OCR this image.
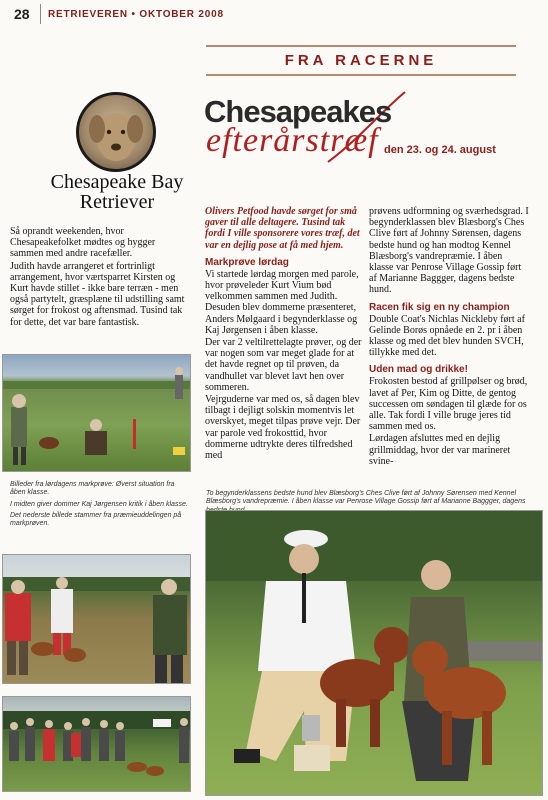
28 RETRIEVEREN • OKTOBER 2008
FRA RACERNE
Chesapeake Bay
Retriever
Chesapeakes
efterårstræf den 23. og 24. august

Så oprandt weekenden, hvor Chesapeakefolket mødtes og hygger sammen med andre racefæller.

Judith havde arrangeret et fortrinligt arrangement, hvor værtsparret Kirsten og Kurt havde stillet - ikke bare terræn - men også partytelt, græsplæne til udstilling samt sørget for frokost og aftensmad. Tusind tak for dette, det var bare fantastisk.

Olivers Petfood havde sørget for små gaver til alle deltagere. Tusind tak fordi I ville sponsorere vores træf, det var en dejlig pose at få med hjem.

Markprøve lørdag

Vi startede lørdag morgen med parole, hvor prøveleder Kurt Vium bød velkommen sammen med Judith. Desuden blev dommerne præsenteret, Anders Mølgaard i begynderklasse og Kaj Jørgensen i åben klasse.

Der var 2 veltilrettelagte prøver, og der var nogen som var meget glade for at det havde regnet op til prøven, da vandhullet var blevet lavt hen over sommeren.

Vejrguderne var med os, så dagen blev tilbagt i dejligt solskin momentvis let overskyet, meget tilpas prøve vejr. Der var parole ved frokosttid, hvor dommerne udtrykte deres tilfredshed med

prøvens udformning og sværhedsgrad. I begynderklassen blev Blæsborg's Ches Clive ført af Johnny Sørensen, dagens bedste hund og han modtog Kennel Blæsborg's vandrepræmie. I åben klasse var Penrose Village Gossip ført af Marianne Baggger, dagens bedste hund.

Racen fik sig en ny champion

Double Coat's Nichlas Nickleby ført af Gelinde Borøs opnåede en 2. pr i åben klasse og med det blev hunden SVCH, tillykke med det.

Uden mad og drikke!

Frokosten bestod af grillpølser og brød, lavet af Per, Kim og Ditte, de gentog successen om søndagen til glæde for os alle. Tak fordi I ville bruge jeres tid sammen med os.

Lørdagen afsluttes med en dejlig grillmiddag, hvor der var marineret svine-

Billeder fra lørdagens markprøve: Øverst situation fra åben klasse.

I midten giver dommer Kaj Jørgensen kritik i åben klasse.

Det nederste billede stammer fra præmieuddelingen på markprøven.

To begynderklassens bedste hund blev Blæsborg's Ches Clive ført af Johnny Sørensen med Kennel Blæsborg's vandrepræmie. I åben klasse var Penrose Village Gossip ført af Marianne Baggger, dagens
